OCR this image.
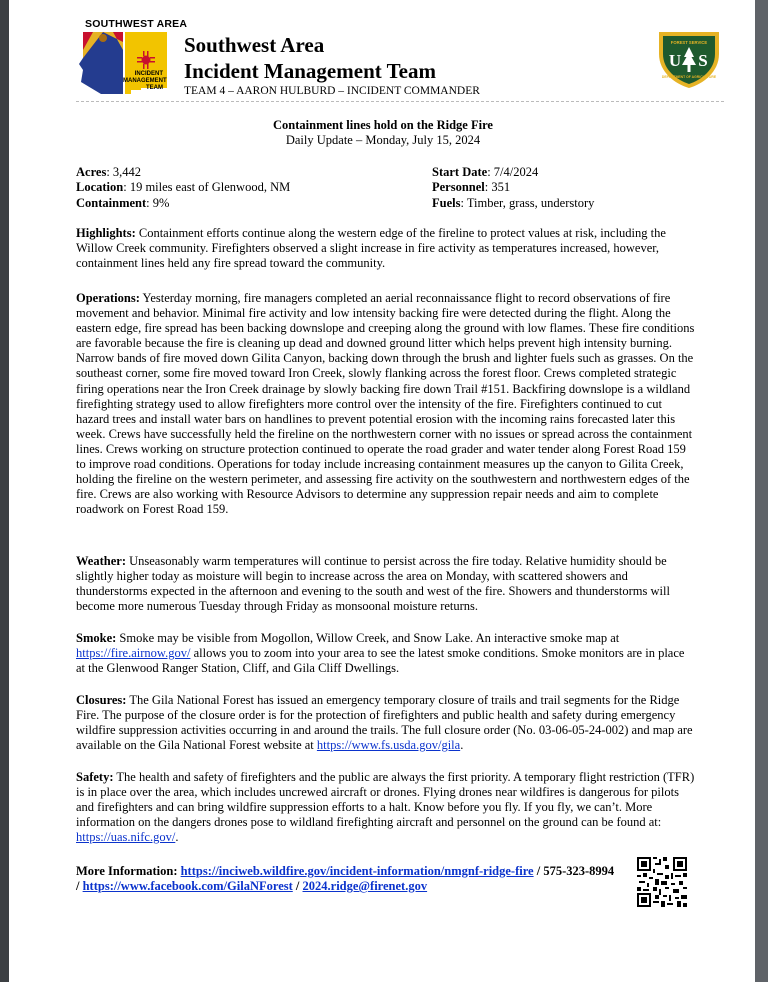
SOUTHWEST AREA
INCIDENT
MANAGEMENT
TEAM
Southwest Area
Incident Management Team
TEAM 4 – AARON HULBURD – INCIDENT COMMANDER
FOREST SERVICE
U S
DEPARTMENT OF AGRICULTURE
Containment lines hold on the Ridge Fire
Daily Update – Monday, July 15, 2024
Acres: 3,442
Location: 19 miles east of Glenwood, NM
Containment: 9%
Start Date: 7/4/2024
Personnel: 351
Fuels: Timber, grass, understory
Highlights: Containment efforts continue along the western edge of the fireline to protect values at risk, including the Willow Creek community. Firefighters observed a slight increase in fire activity as temperatures increased, however, containment lines held any fire spread toward the community.
Operations: Yesterday morning, fire managers completed an aerial reconnaissance flight to record observations of fire movement and behavior. Minimal fire activity and low intensity backing fire were detected during the flight. Along the eastern edge, fire spread has been backing downslope and creeping along the ground with low flames. These fire conditions are favorable because the fire is cleaning up dead and downed ground litter which helps prevent high intensity burning. Narrow bands of fire moved down Gilita Canyon, backing down through the brush and lighter fuels such as grasses. On the southeast corner, some fire moved toward Iron Creek, slowly flanking across the forest floor. Crews completed strategic firing operations near the Iron Creek drainage by slowly backing fire down Trail #151. Backfiring downslope is a wildland firefighting strategy used to allow firefighters more control over the intensity of the fire. Firefighters continued to cut hazard trees and install water bars on handlines to prevent potential erosion with the incoming rains forecasted later this week. Crews have successfully held the fireline on the northwestern corner with no issues or spread across the containment lines. Crews working on structure protection continued to operate the road grader and water tender along Forest Road 159 to improve road conditions. Operations for today include increasing containment measures up the canyon to Gilita Creek, holding the fireline on the western perimeter, and assessing fire activity on the southwestern and northwestern edges of the fire. Crews are also working with Resource Advisors to determine any suppression repair needs and aim to complete roadwork on Forest Road 159.
Weather: Unseasonably warm temperatures will continue to persist across the fire today. Relative humidity should be slightly higher today as moisture will begin to increase across the area on Monday, with scattered showers and thunderstorms expected in the afternoon and evening to the south and west of the fire. Showers and thunderstorms will become more numerous Tuesday through Friday as monsoonal moisture returns.
Smoke: Smoke may be visible from Mogollon, Willow Creek, and Snow Lake. An interactive smoke map at https://fire.airnow.gov/ allows you to zoom into your area to see the latest smoke conditions. Smoke monitors are in place at the Glenwood Ranger Station, Cliff, and Gila Cliff Dwellings.
Closures: The Gila National Forest has issued an emergency temporary closure of trails and trail segments for the Ridge Fire. The purpose of the closure order is for the protection of firefighters and public health and safety during emergency wildfire suppression activities occurring in and around the trails. The full closure order (No. 03-06-05-24-002) and map are available on the Gila National Forest website at https://www.fs.usda.gov/gila.
Safety: The health and safety of firefighters and the public are always the first priority. A temporary flight restriction (TFR) is in place over the area, which includes uncrewed aircraft or drones. Flying drones near wildfires is dangerous for pilots and firefighters and can bring wildfire suppression efforts to a halt. Know before you fly. If you fly, we can’t. More information on the dangers drones pose to wildland firefighting aircraft and personnel on the ground can be found at: https://uas.nifc.gov/.
More Information: https://inciweb.wildfire.gov/incident-information/nmgnf-ridge-fire / 575-323-8994 / https://www.facebook.com/GilaNForest / 2024.ridge@firenet.gov
